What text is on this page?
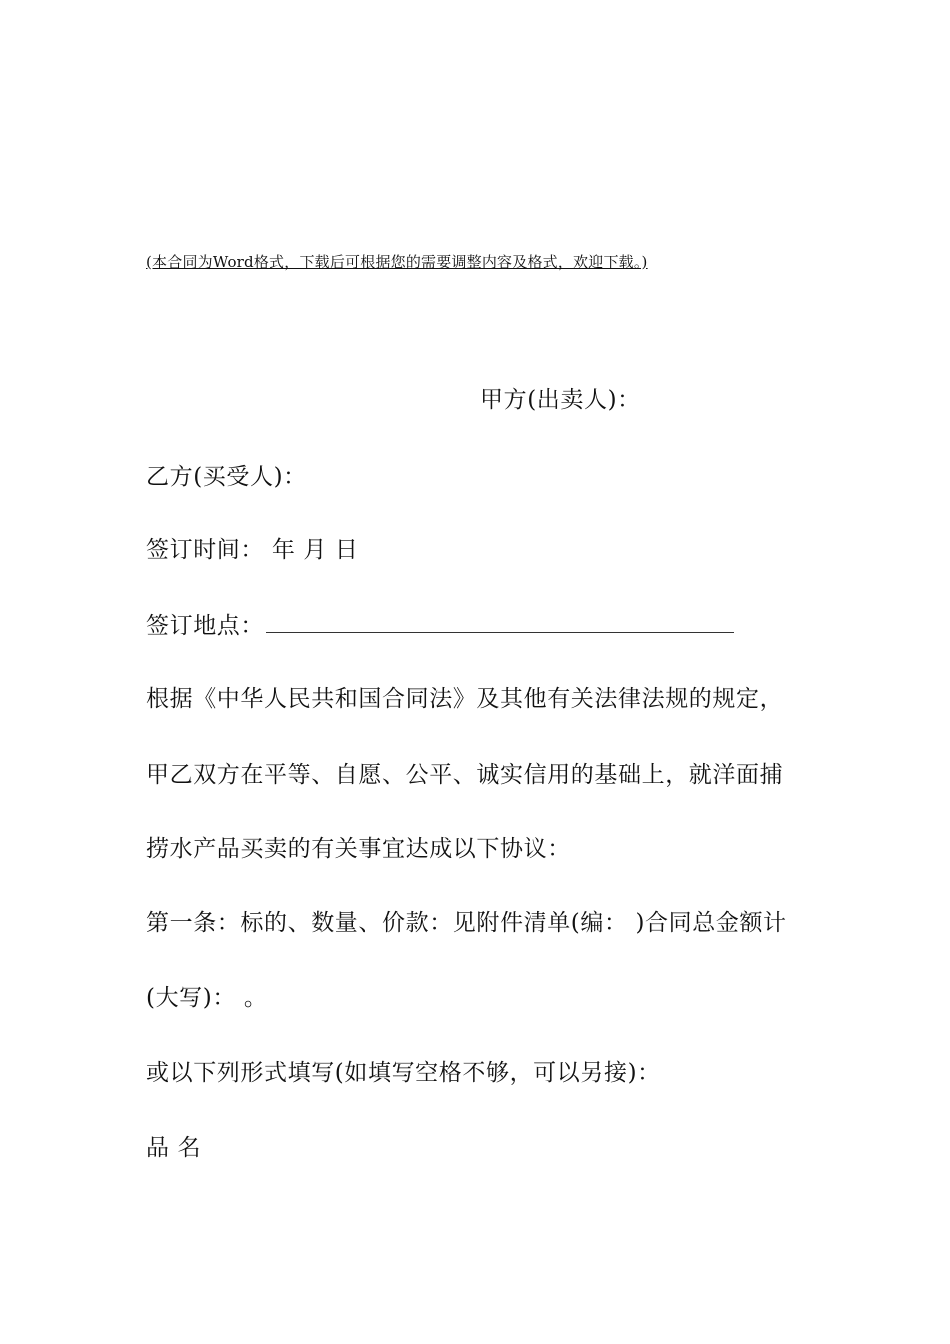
(本合同为Word格式，下载后可根据您的需要调整内容及格式，欢迎下载。)
甲方(出卖人)：
乙方(买受人)：
签订时间： 年 月 日
签订地点：
根据《中华人民共和国合同法》及其他有关法律法规的规定，
甲乙双方在平等、自愿、公平、诚实信用的基础上，就洋面捕
捞水产品买卖的有关事宜达成以下协议：
第一条：标的、数量、价款：见附件清单(编： )合同总金额计
(大写)： 。
或以下列形式填写(如填写空格不够，可以另接)：
品 名
